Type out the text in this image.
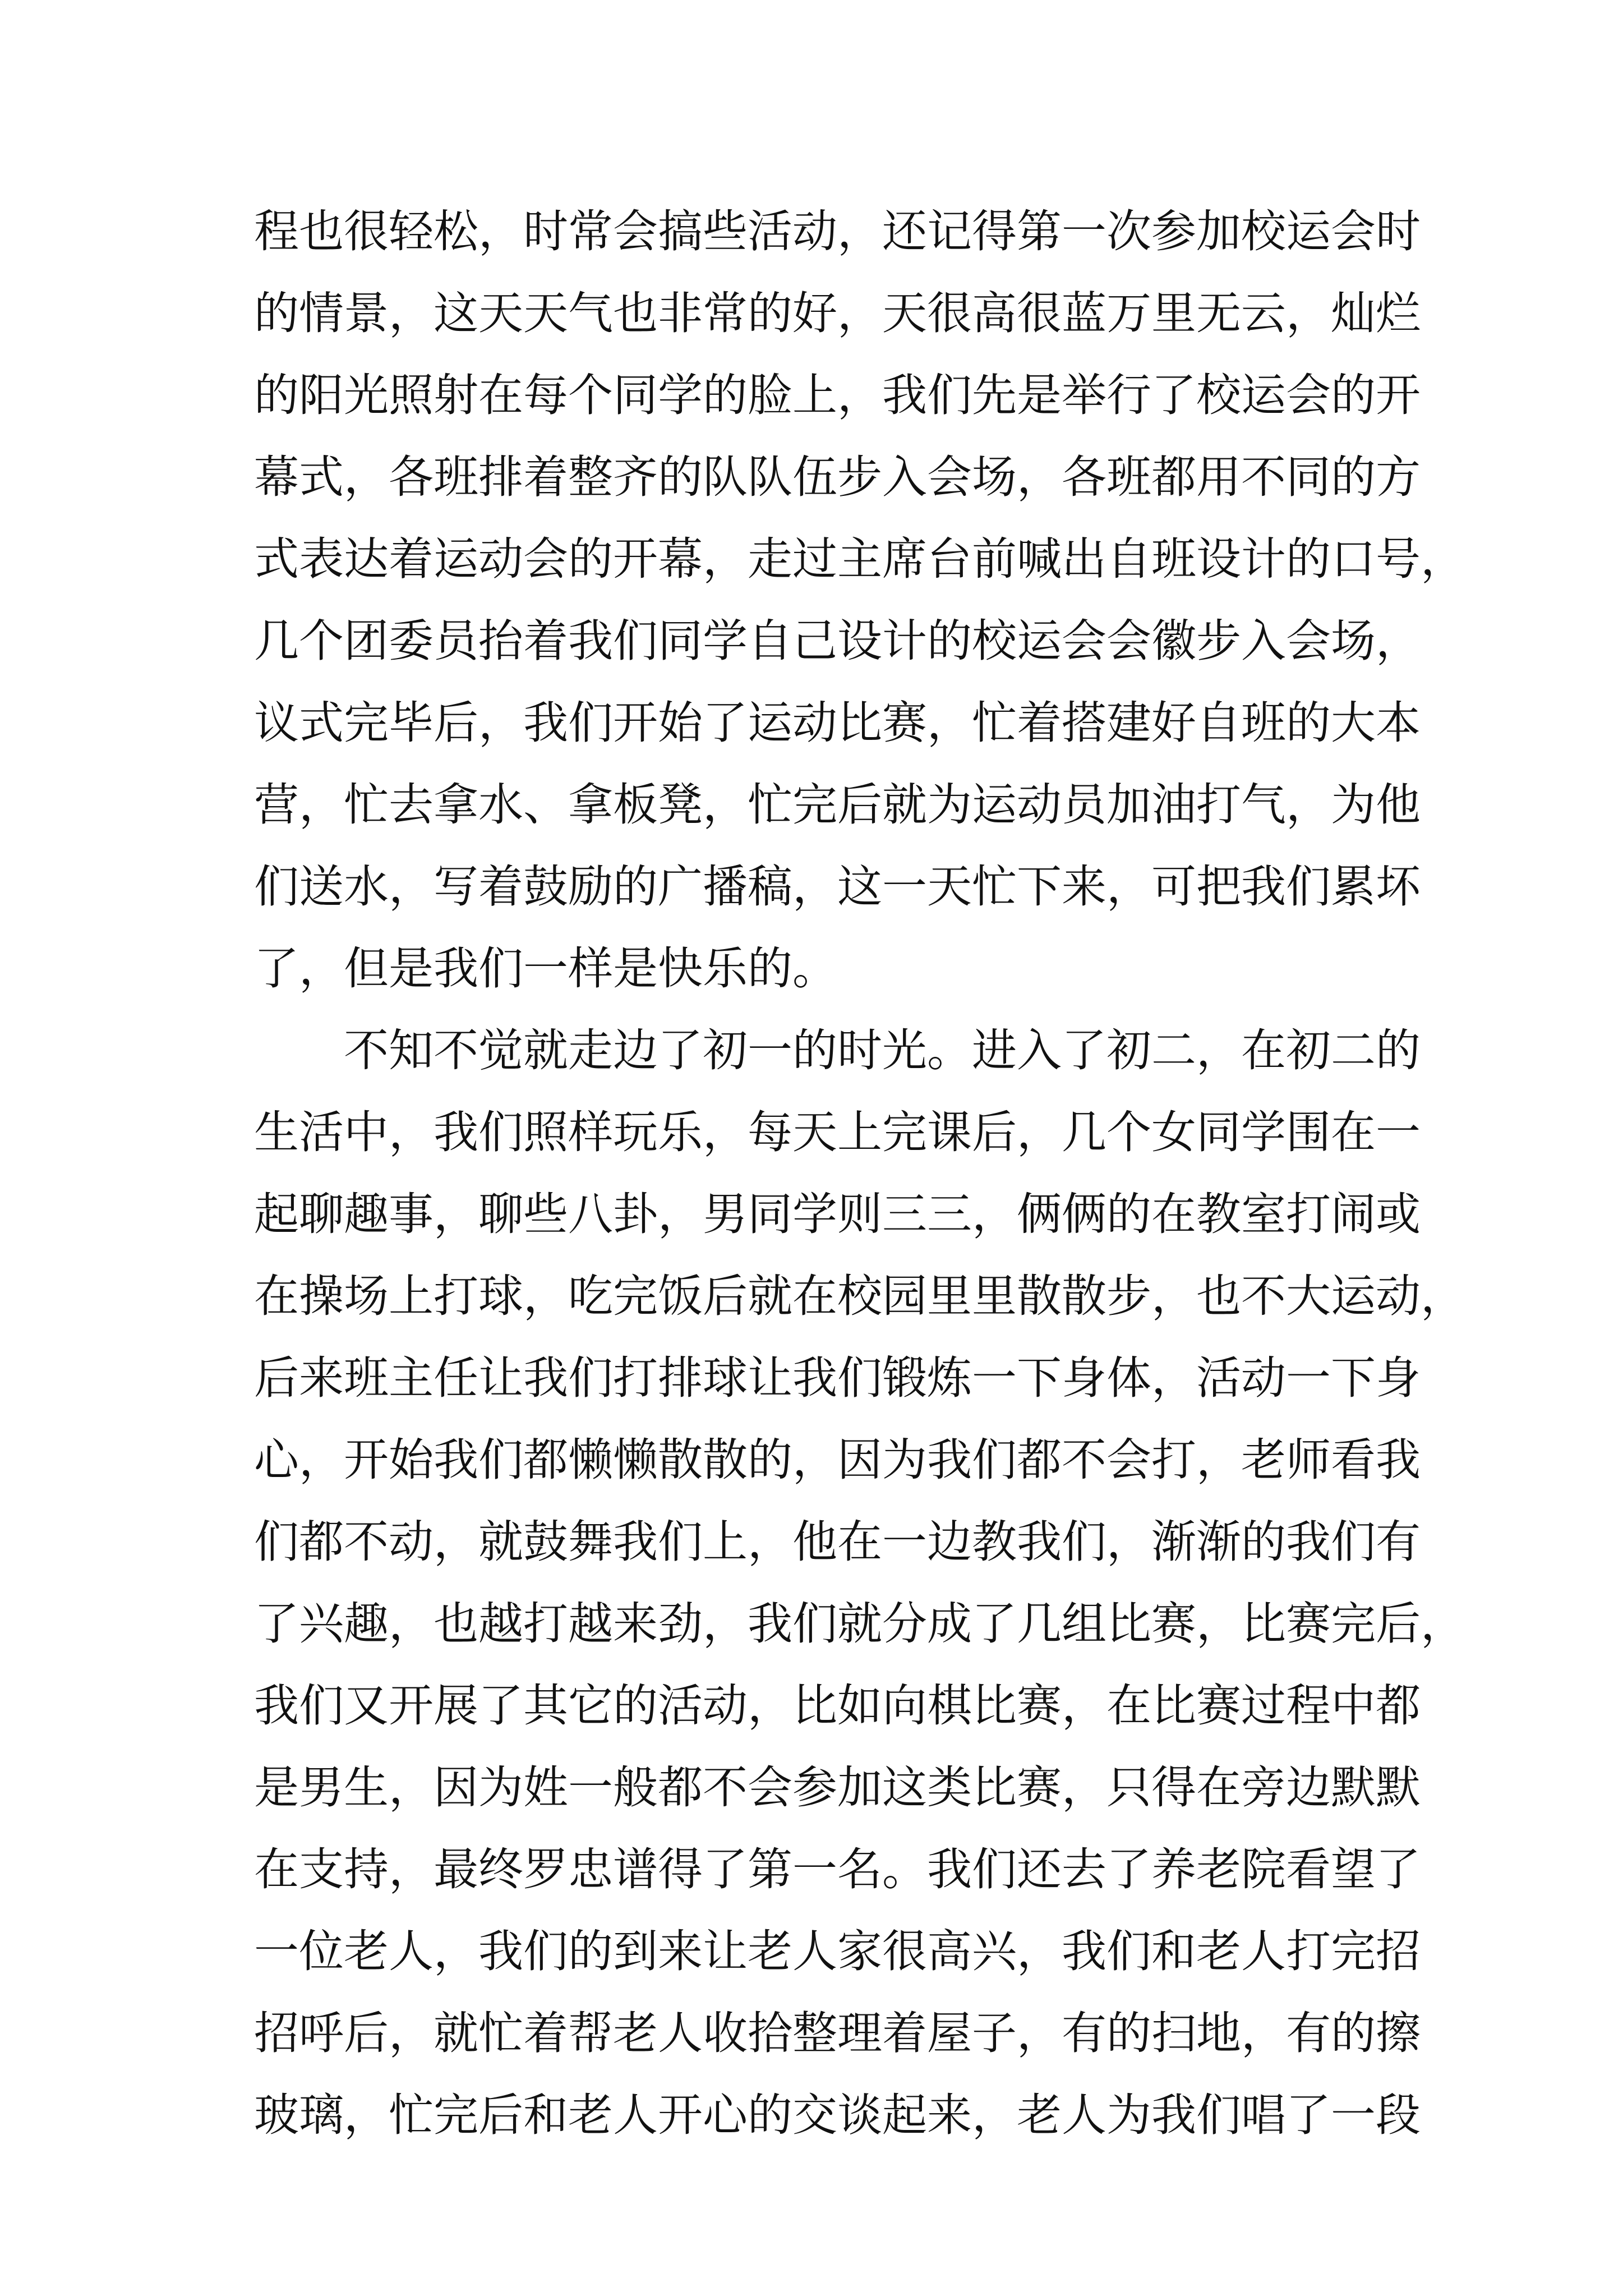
程也很轻松，时常会搞些活动，还记得第一次参加校运会时
的情景，这天天气也非常的好，天很高很蓝万里无云，灿烂
的阳光照射在每个同学的脸上，我们先是举行了校运会的开
幕式，各班排着整齐的队队伍步入会场，各班都用不同的方
式表达着运动会的开幕，走过主席台前喊出自班设计的口号，
几个团委员抬着我们同学自己设计的校运会会徽步入会场，
议式完毕后，我们开始了运动比赛，忙着搭建好自班的大本
营，忙去拿水、拿板凳，忙完后就为运动员加油打气，为他
们送水，写着鼓励的广播稿，这一天忙下来，可把我们累坏
了，但是我们一样是快乐的。
不知不觉就走边了初一的时光。进入了初二，在初二的
生活中，我们照样玩乐，每天上完课后，几个女同学围在一
起聊趣事，聊些八卦，男同学则三三，俩俩的在教室打闹或
在操场上打球，吃完饭后就在校园里里散散步，也不大运动，
后来班主任让我们打排球让我们锻炼一下身体，活动一下身
心，开始我们都懒懒散散的，因为我们都不会打，老师看我
们都不动，就鼓舞我们上，他在一边教我们，渐渐的我们有
了兴趣，也越打越来劲，我们就分成了几组比赛，比赛完后，
我们又开展了其它的活动，比如向棋比赛，在比赛过程中都
是男生，因为姓一般都不会参加这类比赛，只得在旁边默默
在支持，最终罗忠谱得了第一名。我们还去了养老院看望了
一位老人，我们的到来让老人家很高兴，我们和老人打完招
招呼后，就忙着帮老人收拾整理着屋子，有的扫地，有的擦
玻璃，忙完后和老人开心的交谈起来，老人为我们唱了一段
